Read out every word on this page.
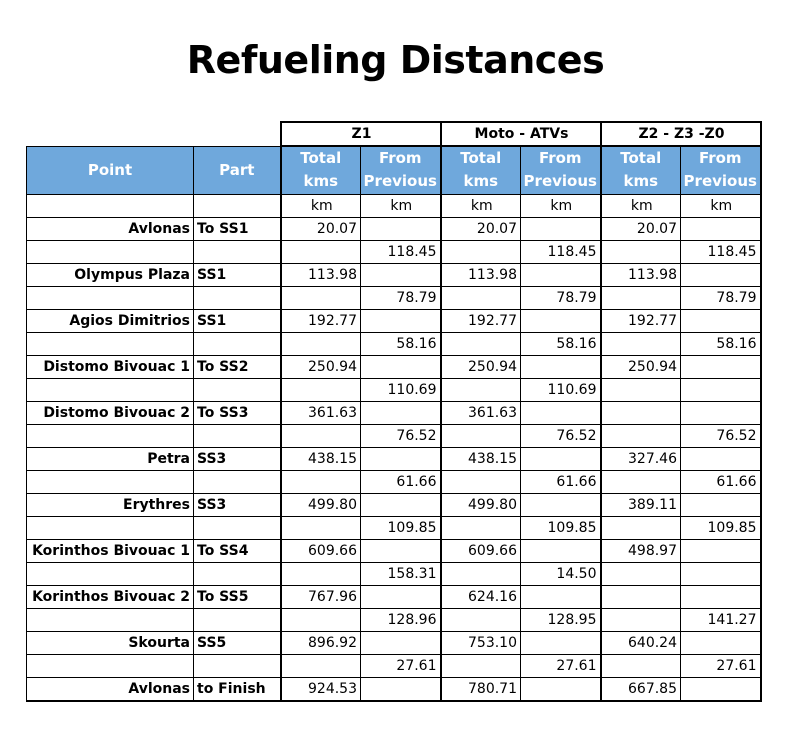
Refueling Distances
		Z1		Moto - ATVs		Z2 - Z3 -Z0	
Point	Part	Total kms	From Previous	Total kms	From Previous	Total kms	From Previous
		km	km	km	km	km	km
Avlonas	To SS1	20.07		20.07		20.07	
			118.45		118.45		118.45
Olympus Plaza	SS1	113.98		113.98		113.98	
			78.79		78.79		78.79
Agios Dimitrios	SS1	192.77		192.77		192.77	
			58.16		58.16		58.16
Distomo Bivouac 1	To SS2	250.94		250.94		250.94	
			110.69		110.69		
Distomo Bivouac 2	To SS3	361.63		361.63			
			76.52		76.52		76.52
Petra	SS3	438.15		438.15		327.46	
			61.66		61.66		61.66
Erythres	SS3	499.80		499.80		389.11	
			109.85		109.85		109.85
Korinthos Bivouac 1	To SS4	609.66		609.66		498.97	
			158.31		14.50		
Korinthos Bivouac 2	To SS5	767.96		624.16			
			128.96		128.95		141.27
Skourta	SS5	896.92		753.10		640.24	
			27.61		27.61		27.61
Avlonas	to Finish	924.53		780.71		667.85	
